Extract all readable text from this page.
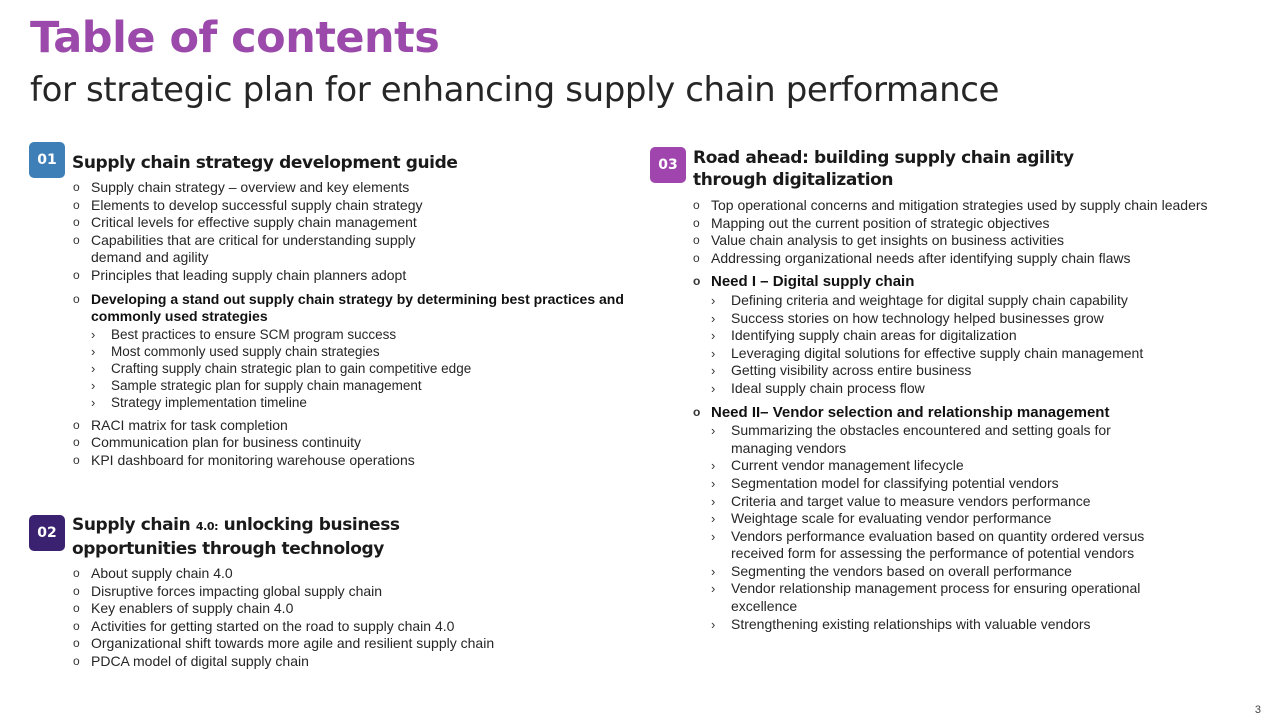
Table of contents
for strategic plan for enhancing supply chain performance
01 Supply chain strategy development guide
o Supply chain strategy – overview and key elements
o Elements to develop successful supply chain strategy
o Critical levels for effective supply chain management
o Capabilities that are critical for understanding supply demand and agility
o Principles that leading supply chain planners adopt
o Developing a stand out supply chain strategy by determining best practices and commonly used strategies
› Best practices to ensure SCM program success
› Most commonly used supply chain strategies
› Crafting supply chain strategic plan to gain competitive edge
› Sample strategic plan for supply chain management
› Strategy implementation timeline
o RACI matrix for task completion
o Communication plan for business continuity
o KPI dashboard for monitoring warehouse operations
02 Supply chain 4.0: unlocking business opportunities through technology
o About supply chain 4.0
o Disruptive forces impacting global supply chain
o Key enablers of supply chain 4.0
o Activities for getting started on the road to supply chain 4.0
o Organizational shift towards more agile and resilient supply chain
o PDCA model of digital supply chain
03 Road ahead: building supply chain agility through digitalization
o Top operational concerns and mitigation strategies used by supply chain leaders
o Mapping out the current position of strategic objectives
o Value chain analysis to get insights on business activities
o Addressing organizational needs after identifying supply chain flaws
o Need I – Digital supply chain
› Defining criteria and weightage for digital supply chain capability
› Success stories on how technology helped businesses grow
› Identifying supply chain areas for digitalization
› Leveraging digital solutions for effective supply chain management
› Getting visibility across entire business
› Ideal supply chain process flow
o Need II– Vendor selection and relationship management
› Summarizing the obstacles encountered and setting goals for managing vendors
› Current vendor management lifecycle
› Segmentation model for classifying potential vendors
› Criteria and target value to measure vendors performance
› Weightage scale for evaluating vendor performance
› Vendors performance evaluation based on quantity ordered versus received form for assessing the performance of potential vendors
› Segmenting the vendors based on overall performance
› Vendor relationship management process for ensuring operational excellence
› Strengthening existing relationships with valuable vendors
3
